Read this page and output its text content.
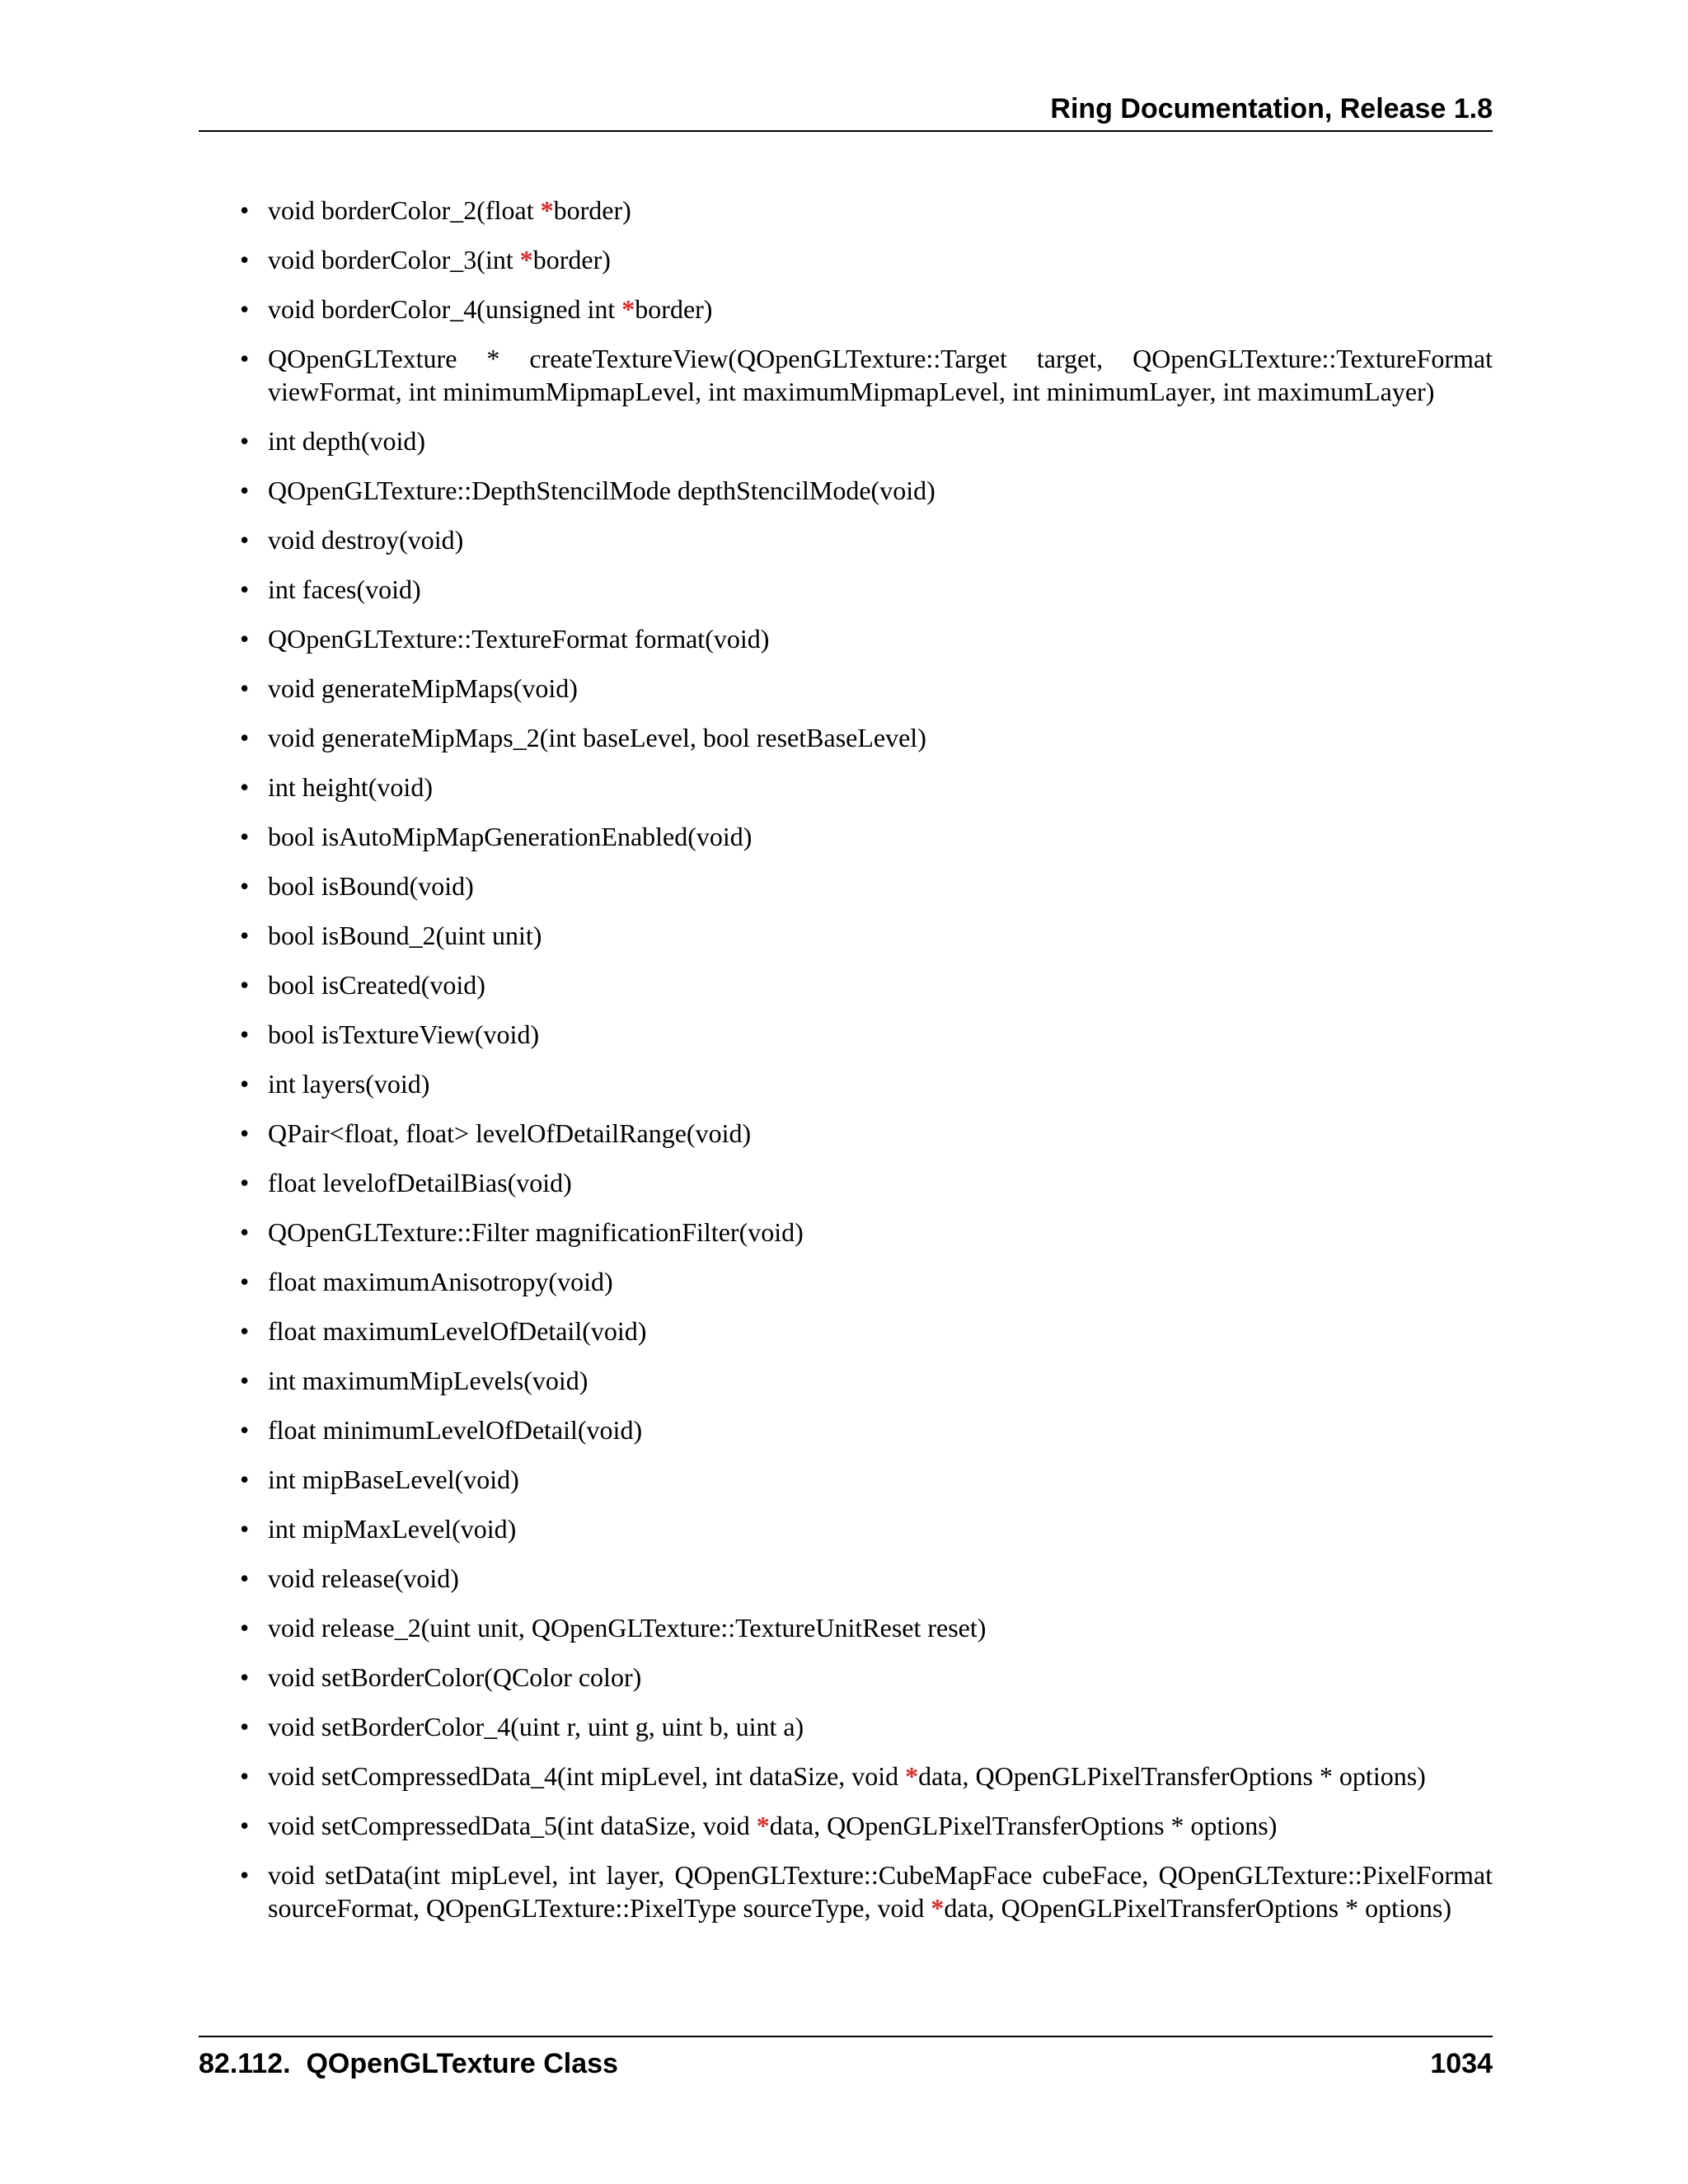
Ring Documentation, Release 1.8
• void borderColor_2(float *border)
• void borderColor_3(int *border)
• void borderColor_4(unsigned int *border)
• QOpenGLTexture * createTextureView(QOpenGLTexture::Target target, QOpenGLTexture::TextureFormat viewFormat, int minimumMipmapLevel, int maximumMipmapLevel, int minimumLayer, int maximumLayer)
• int depth(void)
• QOpenGLTexture::DepthStencilMode depthStencilMode(void)
• void destroy(void)
• int faces(void)
• QOpenGLTexture::TextureFormat format(void)
• void generateMipMaps(void)
• void generateMipMaps_2(int baseLevel, bool resetBaseLevel)
• int height(void)
• bool isAutoMipMapGenerationEnabled(void)
• bool isBound(void)
• bool isBound_2(uint unit)
• bool isCreated(void)
• bool isTextureView(void)
• int layers(void)
• QPair<float, float> levelOfDetailRange(void)
• float levelofDetailBias(void)
• QOpenGLTexture::Filter magnificationFilter(void)
• float maximumAnisotropy(void)
• float maximumLevelOfDetail(void)
• int maximumMipLevels(void)
• float minimumLevelOfDetail(void)
• int mipBaseLevel(void)
• int mipMaxLevel(void)
• void release(void)
• void release_2(uint unit, QOpenGLTexture::TextureUnitReset reset)
• void setBorderColor(QColor color)
• void setBorderColor_4(uint r, uint g, uint b, uint a)
• void setCompressedData_4(int mipLevel, int dataSize, void *data, QOpenGLPixelTransferOptions * options)
• void setCompressedData_5(int dataSize, void *data, QOpenGLPixelTransferOptions * options)
• void setData(int mipLevel, int layer, QOpenGLTexture::CubeMapFace cubeFace, QOpenGLTexture::PixelFormat sourceFormat, QOpenGLTexture::PixelType sourceType, void *data, QOpenGLPixelTransferOptions * options)
82.112.  QOpenGLTexture Class	1034
